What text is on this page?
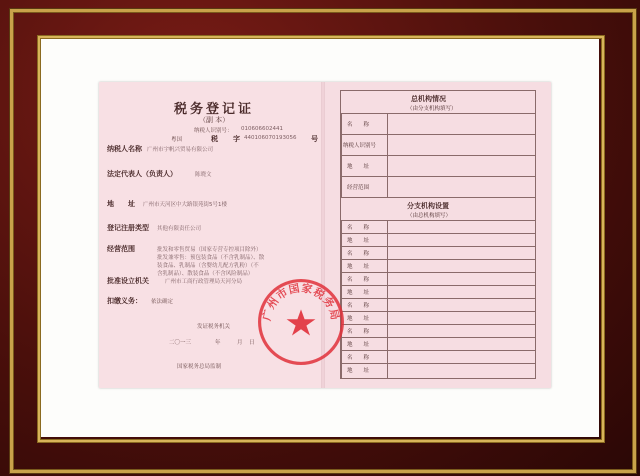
税务登记证
（副 本）
纳税人识别号： 010606602441
粤国	税 字 440106070193056 号
纳税人名称 广州市宇帆兴贸易有限公司
法定代表人（负责人）	陈晓文
地　　址 广州市天河区中大路银苑街5号1楼
登记注册类型 其他有限责任公司
经营范围	批发和零售贸易（国家专营专控项目除外）
批发兼零售：预包装食品（不含乳制品）、散
装食品、乳制品（含婴幼儿配方乳粉）（不
含乳制品）、散装食品（不含风险制品）
批准设立机关	广州市工商行政管理局天河分局
扣缴义务： 依法确定
发证税务机关
二〇一三	年	月 日
国家税务总局监制
总机构情况
（由分支机构填写）
名　　称
纳税人识别号
地　　址
经营范围
分支机构设置
（由总机构填写）
名　　称
地　　址
名　　称
地　　址
名　　称
地　　址
名　　称
地　　址
名　　称
地　　址
名　　称
地　　址
广州市国家税务局
